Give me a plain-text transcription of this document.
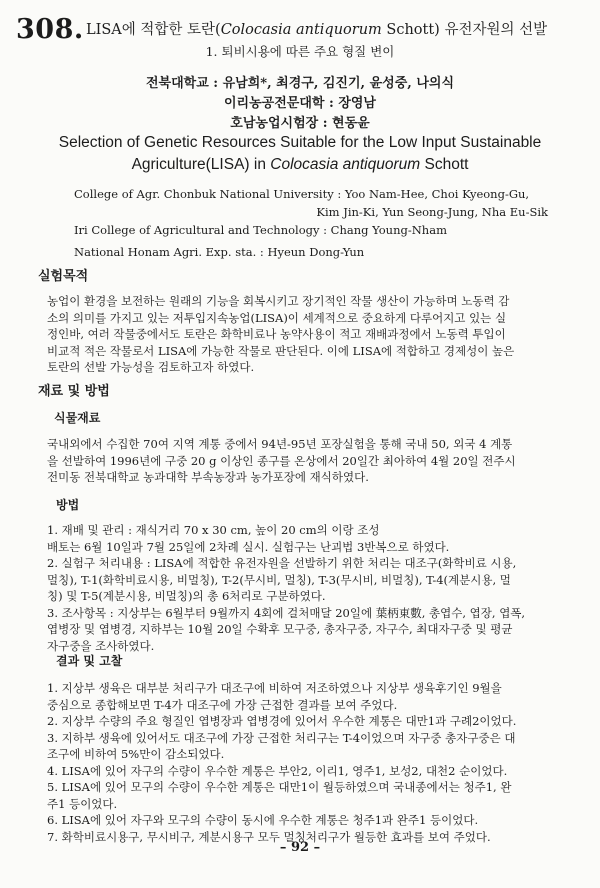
308. LISA에 적합한 토란(Colocasia antiquorum Schott) 유전자원의 선발
1. 퇴비시용에 따른 주요 형질 변이
전북대학교 : 유남희*, 최경구, 김진기, 윤성중, 나의식
이리농공전문대학 : 장영남
호남농업시험장 : 현동윤
Selection of Genetic Resources Suitable for the Low Input Sustainable
Agriculture(LISA) in Colocasia antiquorum Schott
College of Agr. Chonbuk National University : Yoo Nam-Hee, Choi Kyeong-Gu,
Kim Jin-Ki, Yun Seong-Jung, Nha Eu-Sik
Iri College of Agricultural and Technology : Chang Young-Nham
National Honam Agri. Exp. sta. : Hyeun Dong-Yun
실험목적
농업이 환경을 보전하는 원래의 기능을 회복시키고 장기적인 작물 생산이 가능하며 노동력 감
소의 의미를 가지고 있는 저투입지속농업(LISA)이 세계적으로 중요하게 다루어지고 있는 실
정인바, 여러 작물중에서도 토란은 화학비료나 농약사용이 적고 재배과정에서 노동력 투입이
비교적 적은 작물로서 LISA에 가능한 작물로 판단된다. 이에 LISA에 적합하고 경제성이 높은
토란의 선발 가능성을 검토하고자 하였다.
재료 및 방법
식물재료
국내외에서 수집한 70여 지역 계통 중에서 94년-95년 포장실험을 통해 국내 50, 외국 4 계통
을 선발하여 1996년에 구중 20 g 이상인 종구를 온상에서 20일간 최아하여 4월 20일 전주시
전미동 전북대학교 농과대학 부속농장과 농가포장에 재식하였다.
방법
1. 재배 및 관리 : 재식거리 70 x 30 cm, 높이 20 cm의 이랑 조성
배토는 6월 10일과 7월 25일에 2차례 실시. 실험구는 난괴법 3반복으로 하였다.
2. 실험구 처리내용 : LISA에 적합한 유전자원을 선발하기 위한 처리는 대조구(화학비료 시용,
멀칭), T-1(화학비료시용, 비멀칭), T-2(무시비, 멀칭), T-3(무시비, 비멀칭), T-4(계분시용, 멀
칭) 및 T-5(계분시용, 비멀칭)의 총 6처리로 구분하였다.
3. 조사항목 : 지상부는 6월부터 9월까지 4회에 걸처매달 20일에 葉柄東數, 총엽수, 엽장, 엽폭,
엽병장 및 엽병경, 지하부는 10월 20일 수확후 모구중, 총자구중, 자구수, 최대자구중 및 평균
자구중을 조사하였다.
결과 및 고찰
1. 지상부 생육은 대부분 처리구가 대조구에 비하여 저조하였으나 지상부 생육후기인 9월을
중심으로 종합해보면 T-4가 대조구에 가장 근접한 결과를 보여 주었다.
2. 지상부 수량의 주요 형질인 엽병장과 엽병경에 있어서 우수한 계통은 대만1과 구례2이었다.
3. 지하부 생육에 있어서도 대조구에 가장 근접한 처리구는 T-4이었으며 자구중 총자구중은 대
조구에 비하여 5%만이 감소되었다.
4. LISA에 있어 자구의 수량이 우수한 계통은 부안2, 이리1, 영주1, 보성2, 대천2 순이었다.
5. LISA에 있어 모구의 수량이 우수한 계통은 대만1이 월등하였으며 국내종에서는 청주1, 완
주1 등이었다.
6. LISA에 있어 자구와 모구의 수량이 동시에 우수한 계통은 청주1과 완주1 등이었다.
7. 화학비료시용구, 무시비구, 계분시용구 모두 멀칭처리구가 월등한 효과를 보여 주었다.
– 92 –
